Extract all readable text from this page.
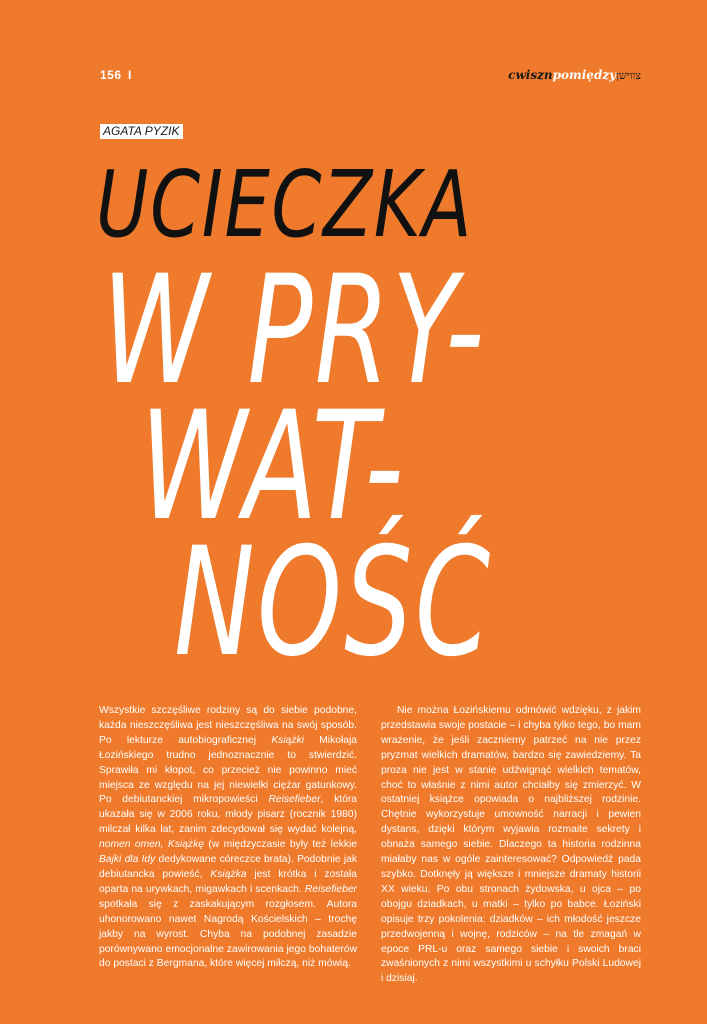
156 I	cwisznpomiędzyצווישן
AGATA PYZIK
UCIECZKA
W PRY-
WAT-
NOŚĆ

Wszystkie szczęśliwe rodziny są do siebie podobne, każda nieszczęśliwa jest nieszczęśliwa na swój sposób. Po lekturze autobiograficznej Książki Mikołaja Łozińskiego trudno jednoznacznie to stwierdzić. Sprawiła mi kłopot, co przecież nie powinno mieć miejsca ze względu na jej niewielki ciężar gatunkowy. Po debiutanckiej mikropowieści Reisefieber, która ukazała się w 2006 roku, młody pisarz (rocznik 1980) milczał kilka lat, zanim zdecydował się wydać kolejną, nomen omen, Książkę (w międzyczasie były też lekkie Bajki dla Idy dedykowane córeczce brata). Podobnie jak debiutancka powieść, Książka jest krótka i została oparta na urywkach, migawkach i scenkach. Reisefieber spotkała się z zaskakującym rozgłosem. Autora uhonorowano nawet Nagrodą Kościelskich – trochę jakby na wyrost. Chyba na podobnej zasadzie porównywano emocjonalne zawirowania jego bohaterów do postaci z Bergmana, które więcej milczą, niż mówią.

Nie można Łozińskiemu odmówić wdzięku, z jakim przedstawia swoje postacie – i chyba tylko tego, bo mam wrażenie, że jeśli zaczniemy patrzeć na nie przez pryzmat wielkich dramatów, bardzo się zawiedziemy. Ta proza nie jest w stanie udźwignąć wielkich tematów, choć to właśnie z nimi autor chciałby się zmierzyć. W ostatniej książce opowiada o najbliższej rodzinie. Chętnie wykorzystuje umowność narracji i pewien dystans, dzięki którym wyjawia rozmaite sekrety i obnaża samego siebie. Dlaczego ta historia rodzinna miałaby nas w ogóle zainteresować? Odpowiedź pada szybko. Dotknęły ją większe i mniejsze dramaty historii XX wieku. Po obu stronach żydowska, u ojca – po obojgu dziadkach, u matki – tylko po babce. Łoziński opisuje trzy pokolenia: dziadków – ich młodość jeszcze przedwojenną i wojnę, rodziców – na tle zmagań w epoce PRL-u oraz samego siebie i swoich braci zwaśnionych z nimi wszystkimi u schyłku Polski Ludowej i dzisiaj.
